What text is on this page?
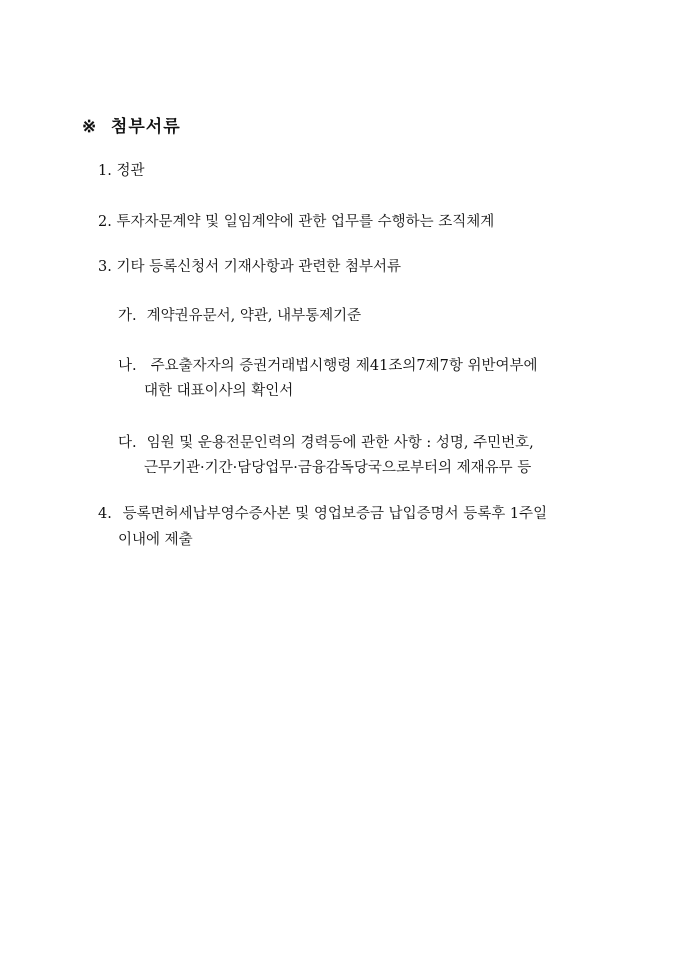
※ 첨부서류
1. 정관
2. 투자자문계약 및 일임계약에 관한 업무를 수행하는 조직체계
3. 기타 등록신청서 기재사항과 관련한 첨부서류
가. 계약권유문서, 약관, 내부통제기준
나. 주요출자자의 증권거래법시행령 제41조의7제7항 위반여부에
대한 대표이사의 확인서
다. 임원 및 운용전문인력의 경력등에 관한 사항 : 성명, 주민번호,
근무기관·기간·담당업무·금융감독당국으로부터의 제재유무 등
4. 등록면허세납부영수증사본 및 영업보증금 납입증명서 등록후 1주일
이내에 제출
